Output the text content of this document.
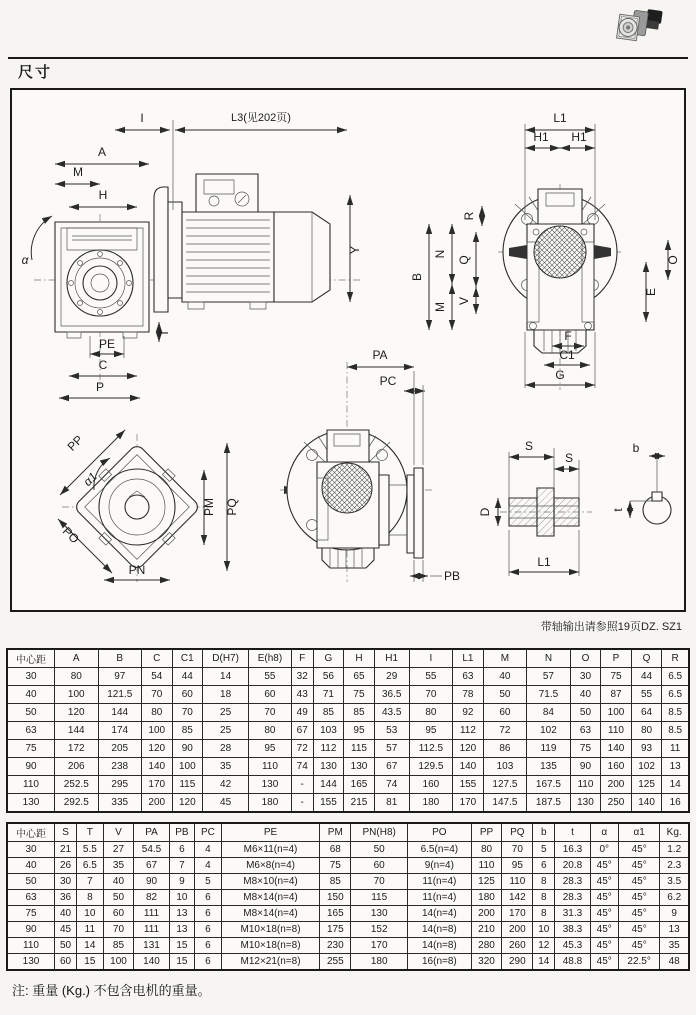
尺寸
I	L3(见202页)
A
M
H
Y
α
PE
C
P
T
L1
H1 H1
R
B
N
Q
M
V
O
E
F
C1
G
PP
α1
PO
PN
PM PQ
PA
PC
PB
S
S
D
L1
b
t
带轴输出请参照19页DZ. SZ1
中心距	A	B	C	C1	D(H7)	E(h8)	F	G	H	H1	I	L1	M	N	O	P	Q	R
30	80	97	54	44	14	55	32	56	65	29	55	63	40	57	30	75	44	6.5
40	100	121.5	70	60	18	60	43	71	75	36.5	70	78	50	71.5	40	87	55	6.5
50	120	144	80	70	25	70	49	85	85	43.5	80	92	60	84	50	100	64	8.5
63	144	174	100	85	25	80	67	103	95	53	95	112	72	102	63	110	80	8.5
75	172	205	120	90	28	95	72	112	115	57	112.5	120	86	119	75	140	93	11
90	206	238	140	100	35	110	74	130	130	67	129.5	140	103	135	90	160	102	13
110	252.5	295	170	115	42	130	-	144	165	74	160	155	127.5	167.5	110	200	125	14
130	292.5	335	200	120	45	180	-	155	215	81	180	170	147.5	187.5	130	250	140	16
中心距	S	T	V	PA	PB	PC	PE	PM	PN(H8)	PO	PP	PQ	b	t	α	α1	Kg.
30	21	5.5	27	54.5	6	4	M6×11(n=4)	68	50	6.5(n=4)	80	70	5	16.3	0°	45°	1.2
40	26	6.5	35	67	7	4	M6×8(n=4)	75	60	9(n=4)	110	95	6	20.8	45°	45°	2.3
50	30	7	40	90	9	5	M8×10(n=4)	85	70	11(n=4)	125	110	8	28.3	45°	45°	3.5
63	36	8	50	82	10	6	M8×14(n=4)	150	115	11(n=4)	180	142	8	28.3	45°	45°	6.2
75	40	10	60	111	13	6	M8×14(n=4)	165	130	14(n=4)	200	170	8	31.3	45°	45°	9
90	45	11	70	111	13	6	M10×18(n=8)	175	152	14(n=8)	210	200	10	38.3	45°	45°	13
110	50	14	85	131	15	6	M10×18(n=8)	230	170	14(n=8)	280	260	12	45.3	45°	45°	35
130	60	15	100	140	15	6	M12×21(n=8)	255	180	16(n=8)	320	290	14	48.8	45°	22.5°	48
注: 重量 (Kg.) 不包含电机的重量。
